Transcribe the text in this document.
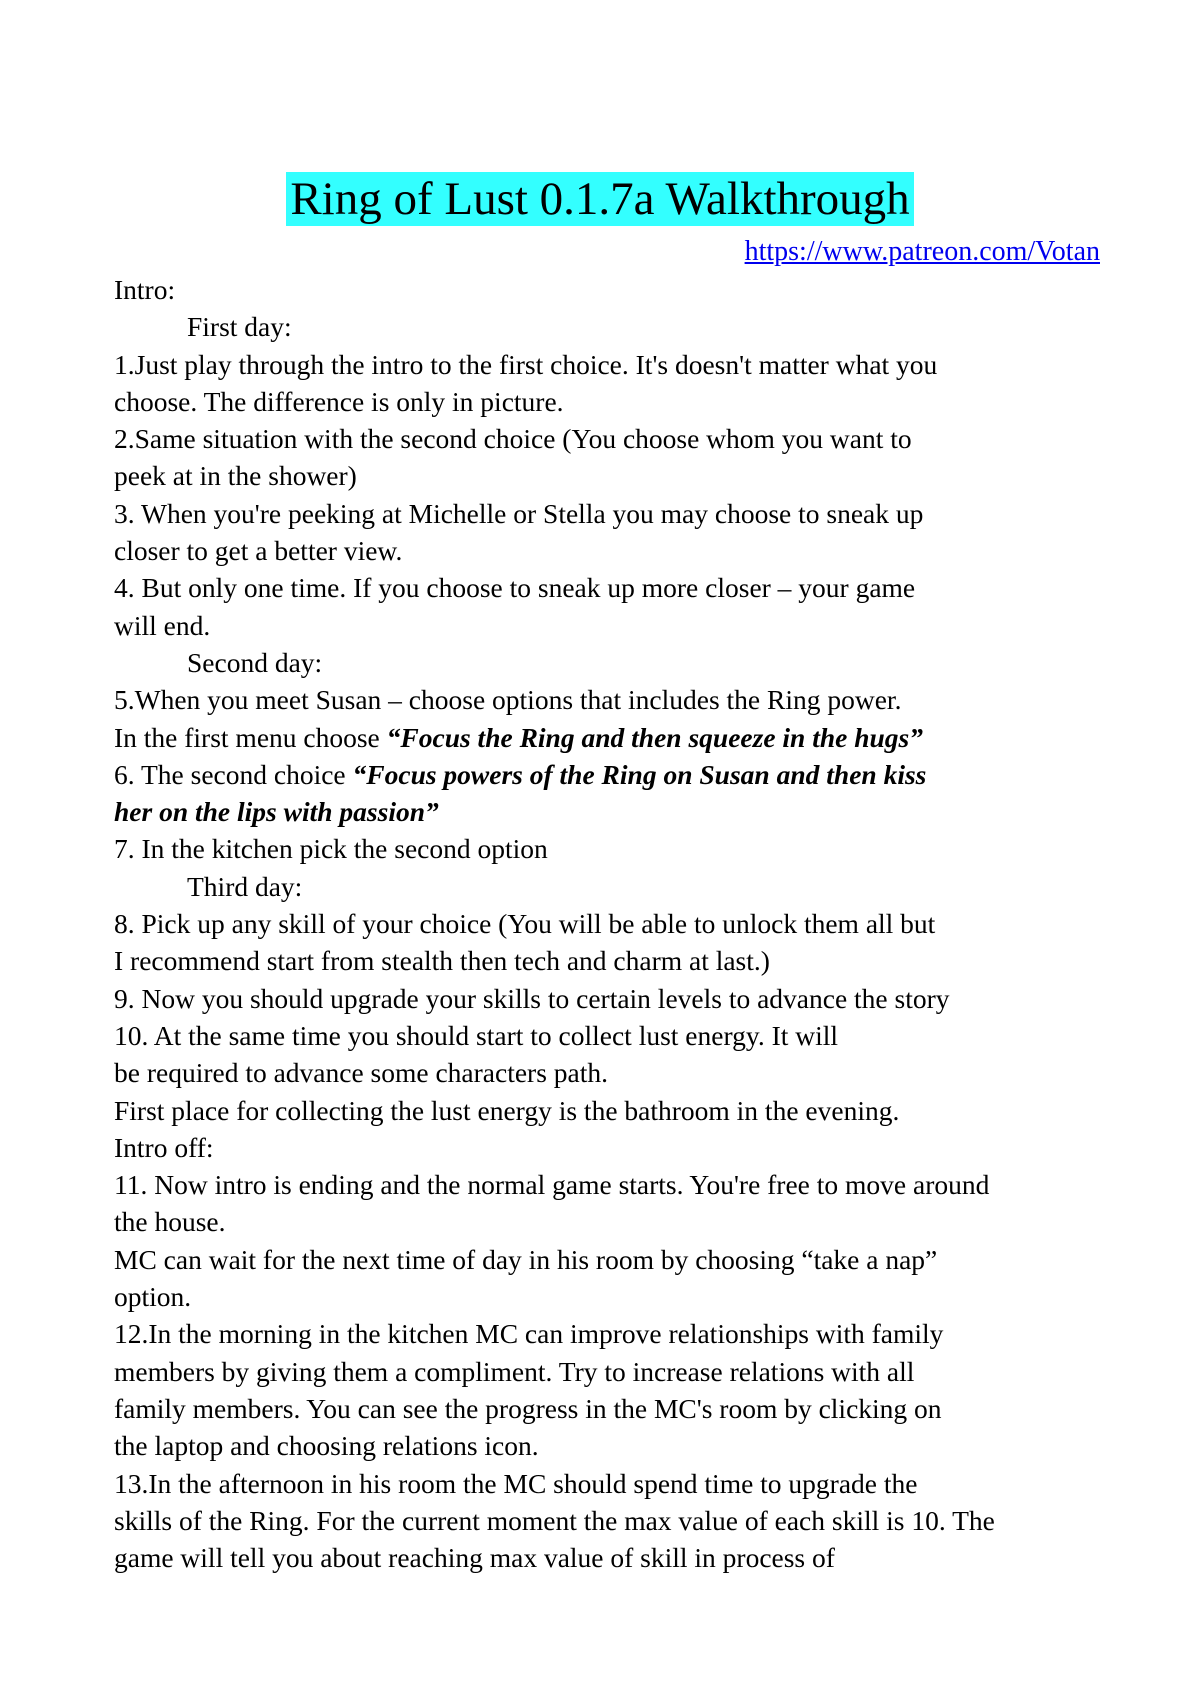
Ring of Lust 0.1.7a Walkthrough
https://www.patreon.com/Votan
Intro:
First day:
1.Just play through the intro to the first choice. It's doesn't matter what you
choose. The difference is only in picture.
2.Same situation with the second choice (You choose whom you want to
peek at in the shower)
3. When you're peeking at Michelle or Stella you may choose to sneak up
closer to get a better view.
4. But only one time. If you choose to sneak up more closer – your game
will end.
Second day:
5.When you meet Susan – choose options that includes the Ring power.
In the first menu choose “Focus the Ring and then squeeze in the hugs”
6. The second choice “Focus powers of the Ring on Susan and then kiss
her on the lips with passion”
7. In the kitchen pick the second option
Third day:
8. Pick up any skill of your choice (You will be able to unlock them all but
I recommend start from stealth then tech and charm at last.)
9. Now you should upgrade your skills to certain levels to advance the story
10. At the same time you should start to collect lust energy. It will
be required to advance some characters path.
First place for collecting the lust energy is the bathroom in the evening.
Intro off:
11. Now intro is ending and the normal game starts. You're free to move around
the house.
MC can wait for the next time of day in his room by choosing “take a nap”
option.
12.In the morning in the kitchen MC can improve relationships with family
members by giving them a compliment. Try to increase relations with all
family members. You can see the progress in the MC's room by clicking on
the laptop and choosing relations icon.
13.In the afternoon in his room the MC should spend time to upgrade the
skills of the Ring. For the current moment the max value of each skill is 10. The
game will tell you about reaching max value of skill in process of
